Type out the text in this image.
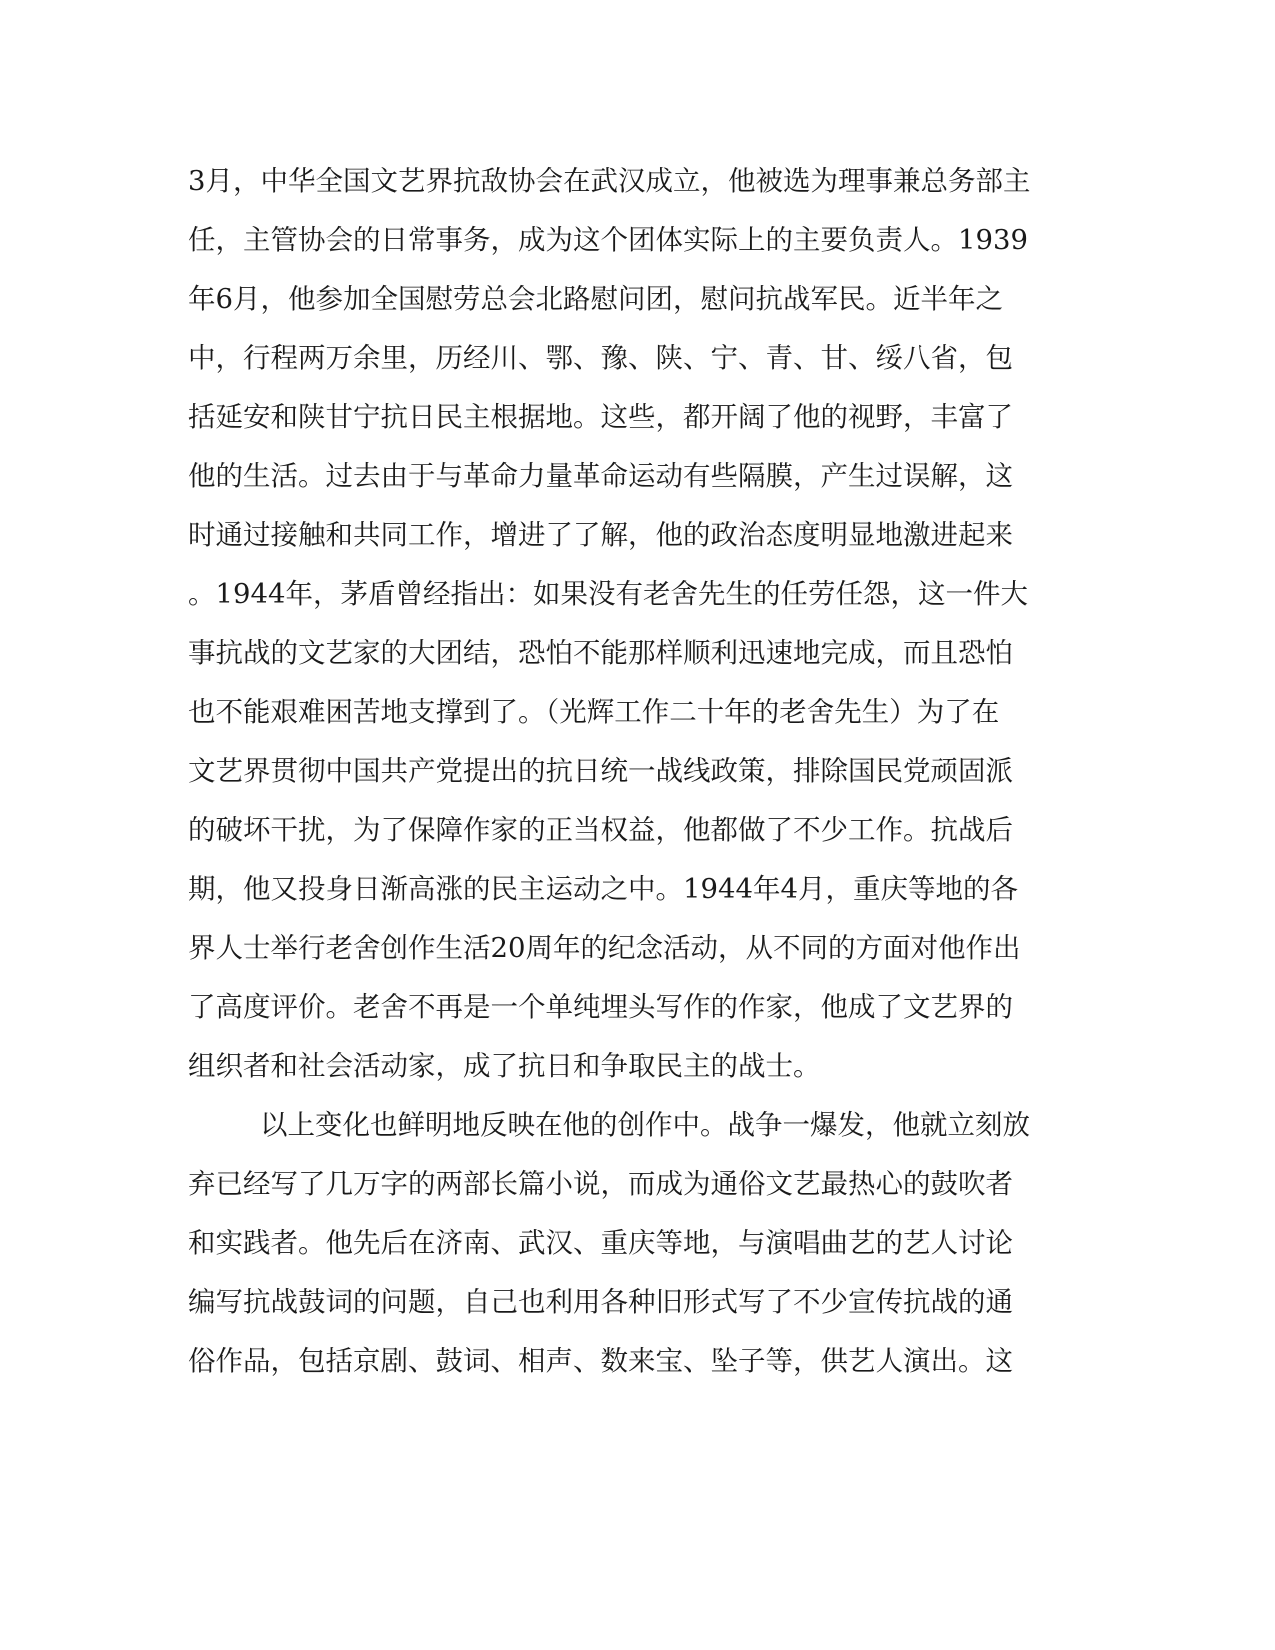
3月，中华全国文艺界抗敌协会在武汉成立，他被选为理事兼总务部主
任，主管协会的日常事务，成为这个团体实际上的主要负责人。1939
年6月，他参加全国慰劳总会北路慰问团，慰问抗战军民。近半年之
中，行程两万余里，历经川、鄂、豫、陕、宁、青、甘、绥八省，包
括延安和陕甘宁抗日民主根据地。这些，都开阔了他的视野，丰富了
他的生活。过去由于与革命力量革命运动有些隔膜，产生过误解，这
时通过接触和共同工作，增进了了解，他的政治态度明显地激进起来
。1944年，茅盾曾经指出：如果没有老舍先生的任劳任怨，这一件大
事抗战的文艺家的大团结，恐怕不能那样顺利迅速地完成，而且恐怕
也不能艰难困苦地支撑到了。（光辉工作二十年的老舍先生）为了在
文艺界贯彻中国共产党提出的抗日统一战线政策，排除国民党顽固派
的破坏干扰，为了保障作家的正当权益，他都做了不少工作。抗战后
期，他又投身日渐高涨的民主运动之中。1944年4月，重庆等地的各
界人士举行老舍创作生活20周年的纪念活动，从不同的方面对他作出
了高度评价。老舍不再是一个单纯埋头写作的作家，他成了文艺界的
组织者和社会活动家，成了抗日和争取民主的战士。
以上变化也鲜明地反映在他的创作中。战争一爆发，他就立刻放
弃已经写了几万字的两部长篇小说，而成为通俗文艺最热心的鼓吹者
和实践者。他先后在济南、武汉、重庆等地，与演唱曲艺的艺人讨论
编写抗战鼓词的问题，自己也利用各种旧形式写了不少宣传抗战的通
俗作品，包括京剧、鼓词、相声、数来宝、坠子等，供艺人演出。这
